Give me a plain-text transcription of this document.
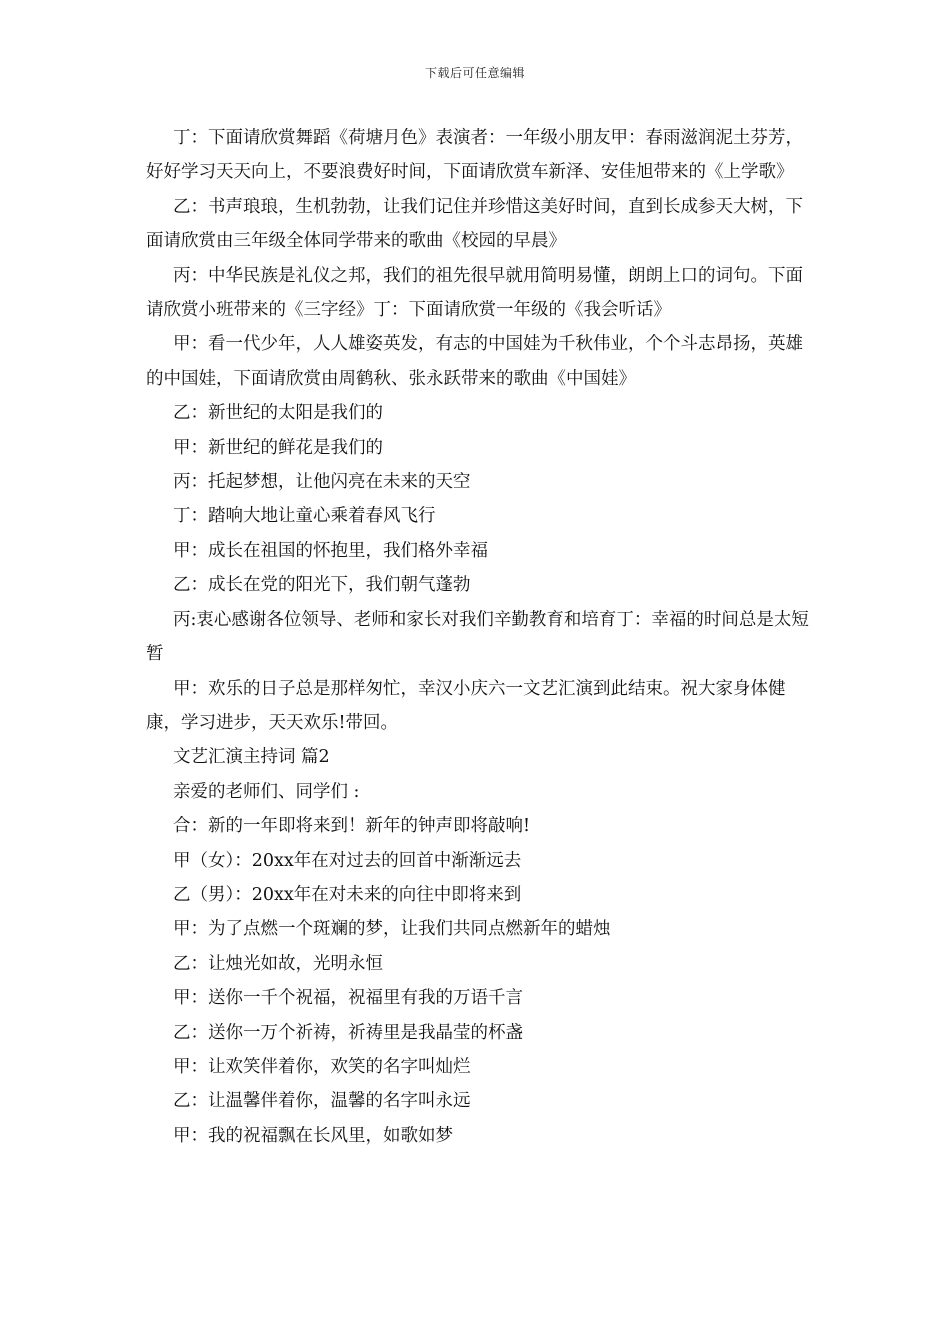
下载后可任意编辑

丁：下面请欣赏舞蹈《荷塘月色》表演者：一年级小朋友甲：春雨滋润泥土芬芳，好好学习天天向上，不要浪费好时间，下面请欣赏车新泽、安佳旭带来的《上学歌》

乙：书声琅琅，生机勃勃，让我们记住并珍惜这美好时间，直到长成参天大树，下面请欣赏由三年级全体同学带来的歌曲《校园的早晨》

丙：中华民族是礼仪之邦，我们的祖先很早就用简明易懂，朗朗上口的词句。下面请欣赏小班带来的《三字经》丁：下面请欣赏一年级的《我会听话》

甲：看一代少年，人人雄姿英发，有志的中国娃为千秋伟业，个个斗志昂扬，英雄的中国娃，下面请欣赏由周鹤秋、张永跃带来的歌曲《中国娃》

乙：新世纪的太阳是我们的

甲：新世纪的鲜花是我们的

丙：托起梦想，让他闪亮在未来的天空

丁：踏响大地让童心乘着春风飞行

甲：成长在祖国的怀抱里，我们格外幸福

乙：成长在党的阳光下，我们朝气蓬勃

丙:衷心感谢各位领导、老师和家长对我们辛勤教育和培育丁：幸福的时间总是太短暂

甲：欢乐的日子总是那样匆忙，幸汉小庆六一文艺汇演到此结束。祝大家身体健康，学习进步，天天欢乐!带回。

文艺汇演主持词 篇2

亲爱的老师们、同学们 :

合：新的一年即将来到！新年的钟声即将敲响!

甲（女）：20xx年在对过去的回首中渐渐远去

乙（男）：20xx年在对未来的向往中即将来到

甲：为了点燃一个斑斓的梦，让我们共同点燃新年的蜡烛

乙：让烛光如故，光明永恒

甲：送你一千个祝福，祝福里有我的万语千言

乙：送你一万个祈祷，祈祷里是我晶莹的杯盏

甲：让欢笑伴着你，欢笑的名字叫灿烂

乙：让温馨伴着你，温馨的名字叫永远

甲：我的祝福飘在长风里，如歌如梦
